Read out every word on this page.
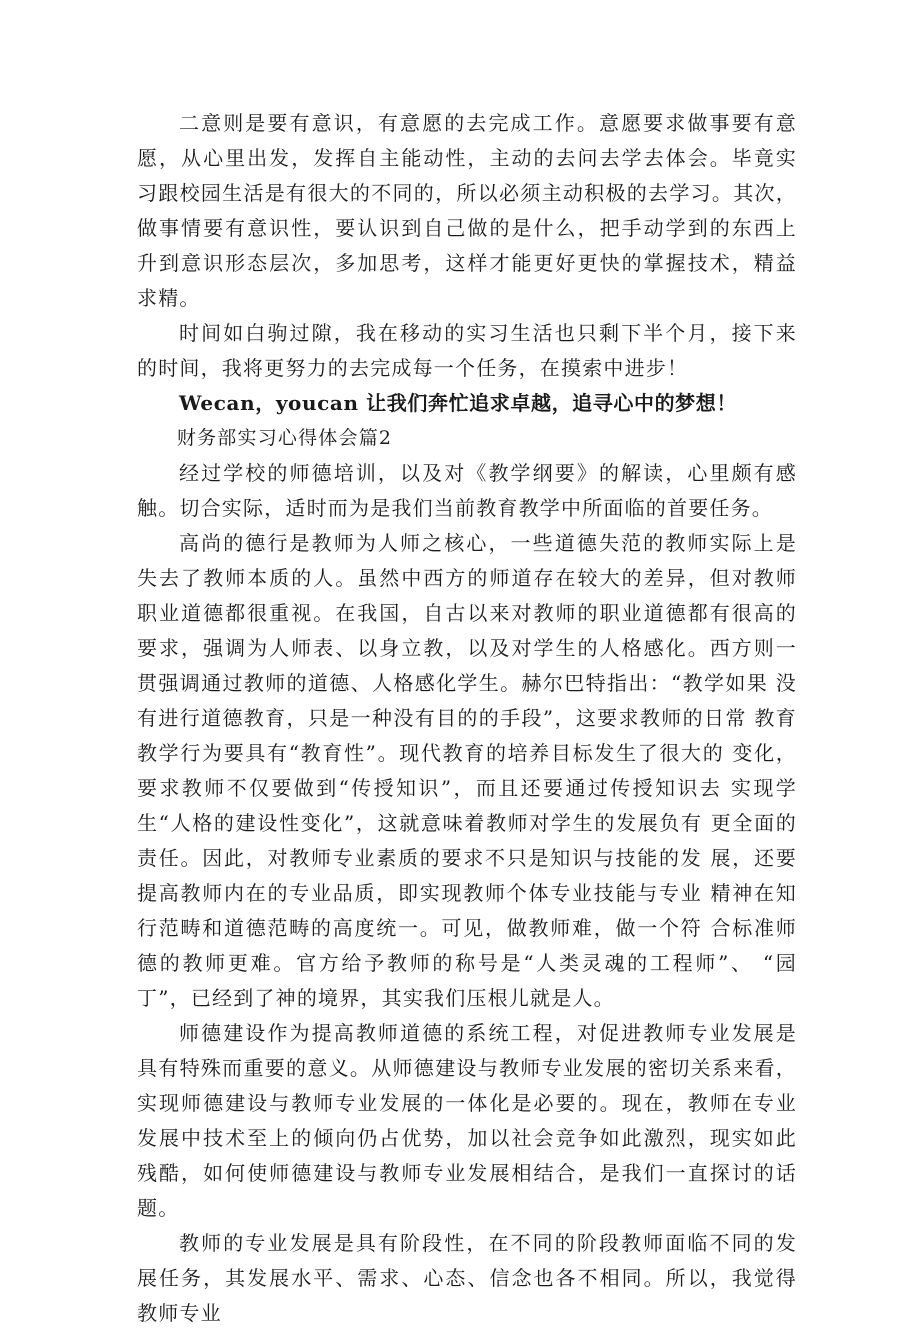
二意则是要有意识，有意愿的去完成工作。意愿要求做事要有意 愿，从心里出发，发挥自主能动性，主动的去问去学去体会。毕竟实 习跟校园生活是有很大的不同的，所以必须主动积极的去学习。其次， 做事情要有意识性，要认识到自己做的是什么，把手动学到的东西上 升到意识形态层次，多加思考，这样才能更好更快的掌握技术，精益 求精。

时间如白驹过隙，我在移动的实习生活也只剩下半个月，接下来 的时间，我将更努力的去完成每一个任务，在摸索中进步！

Wecan，youcan 让我们奔忙追求卓越，追寻心中的梦想！

财务部实习心得体会篇2

经过学校的师德培训，以及对《教学纲要》的解读，心里颇有感 触。切合实际，适时而为是我们当前教育教学中所面临的首要任务。

高尚的德行是教师为人师之核心，一些道德失范的教师实际上是 失去了教师本质的人。虽然中西方的师道存在较大的差异，但对教师 职业道德都很重视。在我国，自古以来对教师的职业道德都有很高的 要求，强调为人师表、以身立教，以及对学生的人格感化。西方则一 贯强调通过教师的道德、人格感化学生。赫尔巴特指出：“教学如果 没有进行道德教育，只是一种没有目的的手段”，这要求教师的日常 教育教学行为要具有“教育性”。现代教育的培养目标发生了很大的 变化，要求教师不仅要做到“传授知识”，而且还要通过传授知识去 实现学生“人格的建设性变化”，这就意味着教师对学生的发展负有 更全面的责任。因此，对教师专业素质的要求不只是知识与技能的发 展，还要提高教师内在的专业品质，即实现教师个体专业技能与专业 精神在知行范畴和道德范畴的高度统一。可见，做教师难，做一个符 合标准师德的教师更难。官方给予教师的称号是“人类灵魂的工程师”、 “园丁”，已经到了神的境界，其实我们压根儿就是人。

师德建设作为提高教师道德的系统工程，对促进教师专业发展是 具有特殊而重要的意义。从师德建设与教师专业发展的密切关系来看，实现师德建设与教师专业发展的一体化是必要的。现在，教师在专业 发展中技术至上的倾向仍占优势，加以社会竞争如此激烈，现实如此 残酷，如何使师德建设与教师专业发展相结合，是我们一直探讨的话 题。

教师的专业发展是具有阶段性，在不同的阶段教师面临不同的发 展任务，其发展水平、需求、心态、信念也各不相同。所以，我觉得 教师专业
